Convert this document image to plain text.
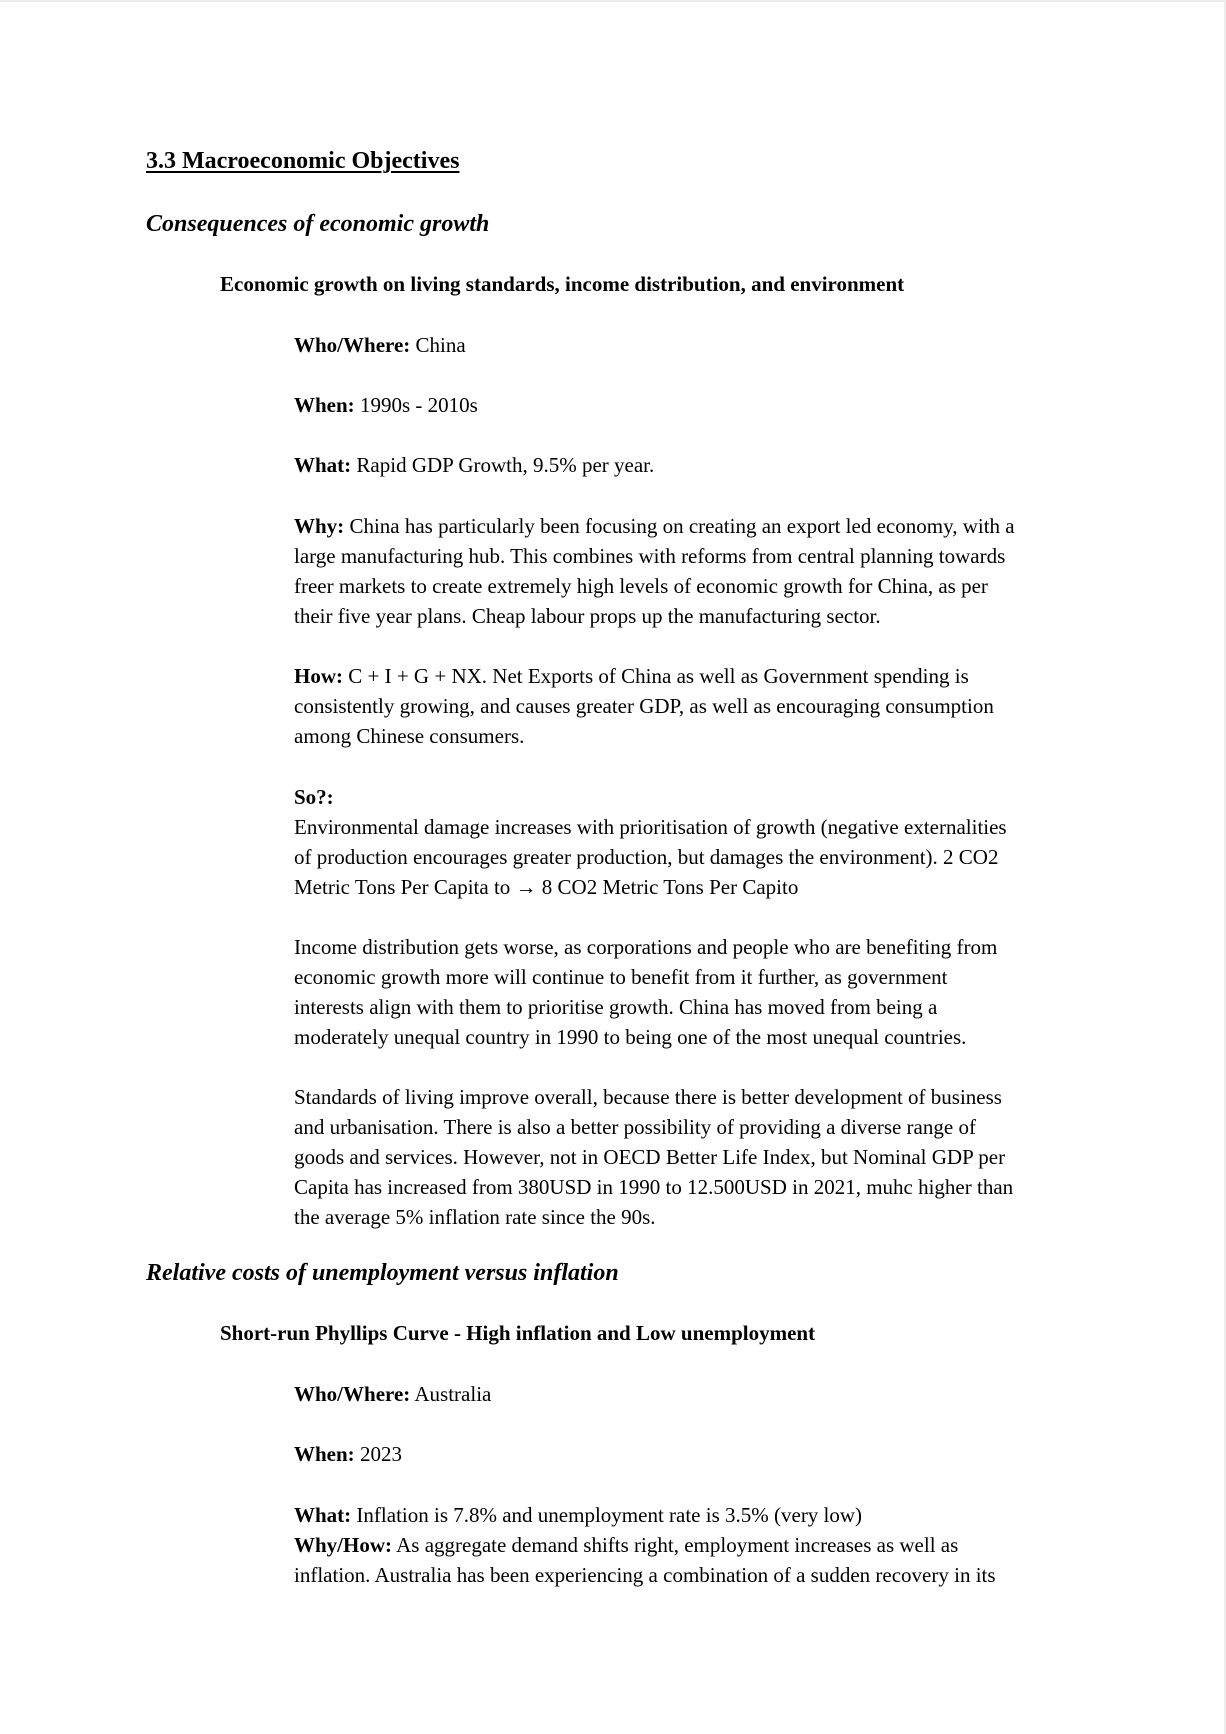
3.3 Macroeconomic Objectives
Consequences of economic growth
Economic growth on living standards, income distribution, and environment
Who/Where: China
When: 1990s - 2010s
What: Rapid GDP Growth, 9.5% per year.
Why: China has particularly been focusing on creating an export led economy, with a
large manufacturing hub. This combines with reforms from central planning towards
freer markets to create extremely high levels of economic growth for China, as per
their five year plans. Cheap labour props up the manufacturing sector.
How: C + I + G + NX. Net Exports of China as well as Government spending is
consistently growing, and causes greater GDP, as well as encouraging consumption
among Chinese consumers.
So?:
Environmental damage increases with prioritisation of growth (negative externalities
of production encourages greater production, but damages the environment). 2 CO2
Metric Tons Per Capita to → 8 CO2 Metric Tons Per Capito
Income distribution gets worse, as corporations and people who are benefiting from
economic growth more will continue to benefit from it further, as government
interests align with them to prioritise growth. China has moved from being a
moderately unequal country in 1990 to being one of the most unequal countries.
Standards of living improve overall, because there is better development of business
and urbanisation. There is also a better possibility of providing a diverse range of
goods and services. However, not in OECD Better Life Index, but Nominal GDP per
Capita has increased from 380USD in 1990 to 12.500USD in 2021, muhc higher than
the average 5% inflation rate since the 90s.
Relative costs of unemployment versus inflation
Short-run Phyllips Curve - High inflation and Low unemployment
Who/Where: Australia
When: 2023
What: Inflation is 7.8% and unemployment rate is 3.5% (very low)
Why/How: As aggregate demand shifts right, employment increases as well as
inflation. Australia has been experiencing a combination of a sudden recovery in its
